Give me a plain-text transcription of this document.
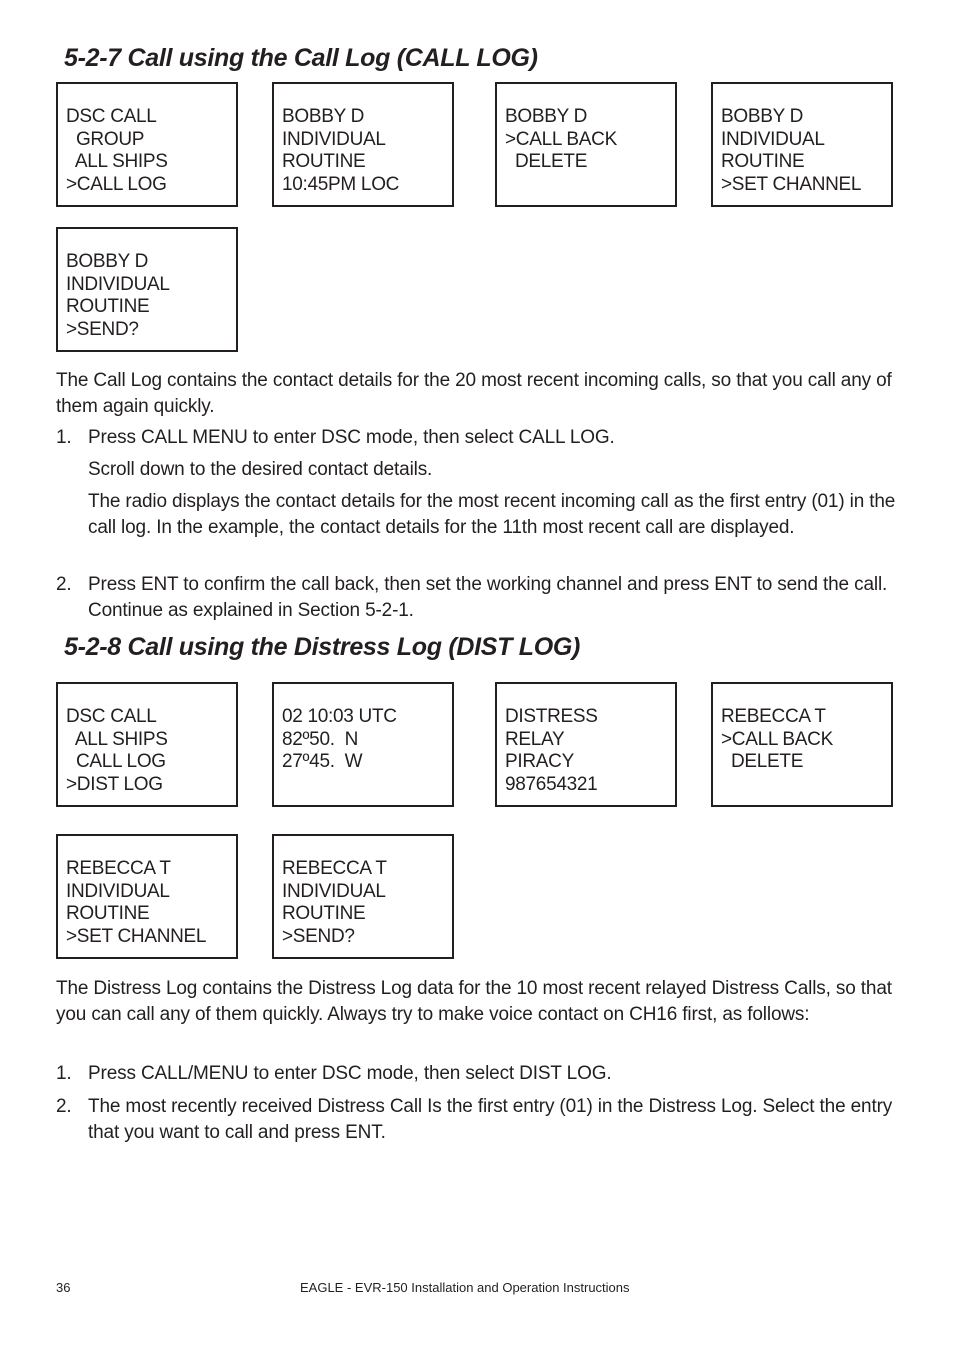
5-2-7 Call using the Call Log (CALL LOG)
DSC CALL
GROUP
ALL SHIPS
>CALL LOG
BOBBY D
INDIVIDUAL
ROUTINE
10:45PM LOC
BOBBY D
>CALL BACK
DELETE
BOBBY D
INDIVIDUAL
ROUTINE
>SET CHANNEL
BOBBY D
INDIVIDUAL
ROUTINE
>SEND?

The Call Log contains the contact details for the 20 most recent incoming calls, so that you call any of them again quickly.

1. Press CALL MENU to enter DSC mode, then select CALL LOG.

Scroll down to the desired contact details.

The radio displays the contact details for the most recent incoming call as the first entry (01) in the call log. In the example, the contact details for the 11th most recent call are displayed.

2. Press ENT to confirm the call back, then set the working channel and press ENT to send the call. Continue as explained in Section 5-2-1.
5-2-8 Call using the Distress Log (DIST LOG)
DSC CALL
ALL SHIPS
CALL LOG
>DIST LOG
02 10:03 UTC
82º50.  N
27º45.  W
DISTRESS
RELAY
PIRACY
987654321
REBECCA T
>CALL BACK
DELETE
REBECCA T
INDIVIDUAL
ROUTINE
>SET CHANNEL
REBECCA T
INDIVIDUAL
ROUTINE
>SEND?

The Distress Log contains the Distress Log data for the 10 most recent relayed Distress Calls, so that you can call any of them quickly. Always try to make voice contact on CH16 first, as follows:

1. Press CALL/MENU to enter DSC mode, then select DIST LOG.
2. The most recently received Distress Call Is the first entry (01) in the Distress Log. Select the entry that you want to call and press ENT.
36	EAGLE - EVR-150 Installation and Operation Instructions
